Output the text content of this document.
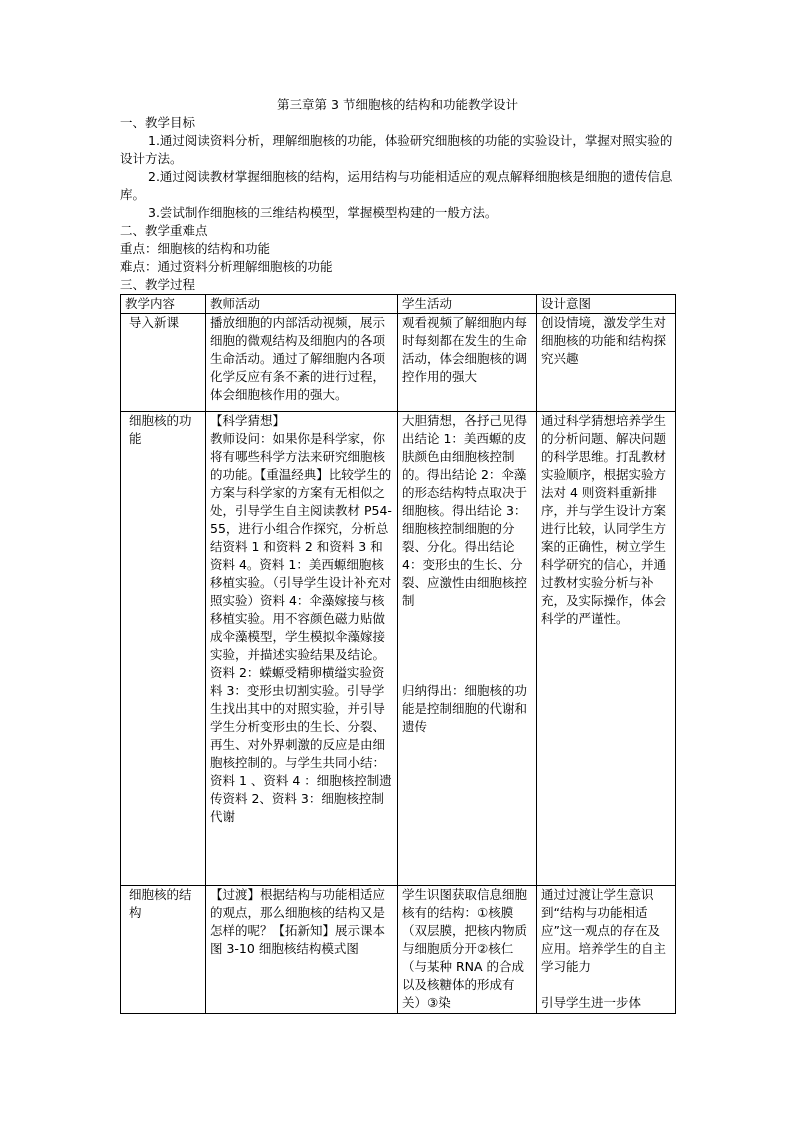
第三章第 3 节细胞核的结构和功能教学设计

一、教学目标

1.通过阅读资料分析，理解细胞核的功能，体验研究细胞核的功能的实验设计，掌握对照实验的设计方法。

2.通过阅读教材掌握细胞核的结构，运用结构与功能相适应的观点解释细胞核是细胞的遗传信息库。

3.尝试制作细胞核的三维结构模型，掌握模型构建的一般方法。

二、教学重难点

重点：细胞核的结构和功能

难点：通过资料分析理解细胞核的功能

三、教学过程

教学内容	教师活动	学生活动	设计意图
导入新课	播放细胞的内部活动视频，展示细胞的微观结构及细胞内的各项生命活动。通过了解细胞内各项化学反应有条不紊的进行过程，体会细胞核作用的强大。	观看视频了解细胞内每时每刻都在发生的生命活动，体会细胞核的调控作用的强大	创设情境，激发学生对细胞核的功能和结构探究兴趣
细胞核的功能	【科学猜想】
教师设问：如果你是科学家，你将有哪些科学方法来研究细胞核的功能。【重温经典】比较学生的方案与科学家的方案有无相似之处，引导学生自主阅读教材 P54-55，进行小组合作探究，分析总结资料 1 和资料 2 和资料 3 和资料 4。资料 1：美西螈细胞核移植实验。（引导学生设计补充对照实验）资料 4：伞藻嫁接与核移植实验。用不容颜色磁力贴做成伞藻模型，学生模拟伞藻嫁接实验，并描述实验结果及结论。资料 2：蝾螈受精卵横缢实验资料 3：变形虫切割实验。引导学生找出其中的对照实验，并引导学生分析变形虫的生长、分裂、再生、对外界刺激的反应是由细胞核控制的。与学生共同小结：资料 1 、资料 4 ：细胞核控制遗传资料 2、资料 3：细胞核控制代谢	大胆猜想，各抒己见得出结论 1：美西螈的皮肤颜色由细胞核控制的。得出结论 2：伞藻的形态结构特点取决于细胞核。得出结论 3：细胞核控制细胞的分裂、分化。得出结论 4：变形虫的生长、分裂、应激性由细胞核控制

归纳得出：细胞核的功能是控制细胞的代谢和遗传	通过科学猜想培养学生的分析问题、解决问题的科学思维。打乱教材实验顺序，根据实验方法对 4 则资料重新排序，并与学生设计方案进行比较，认同学生方案的正确性，树立学生科学研究的信心，并通过教材实验分析与补充，及实际操作，体会科学的严谨性。
细胞核的结构	【过渡】根据结构与功能相适应的观点，那么细胞核的结构又是怎样的呢？【拓新知】展示课本图 3-10 细胞核结构模式图	学生识图获取信息细胞核有的结构：①核膜（双层膜，把核内物质与细胞质分开②核仁 （与某种 RNA 的合成以及核糖体的形成有关）③染	通过过渡让学生意识到“结构与功能相适应”这一观点的存在及应用。培养学生的自主学习能力

引导学生进一步体
